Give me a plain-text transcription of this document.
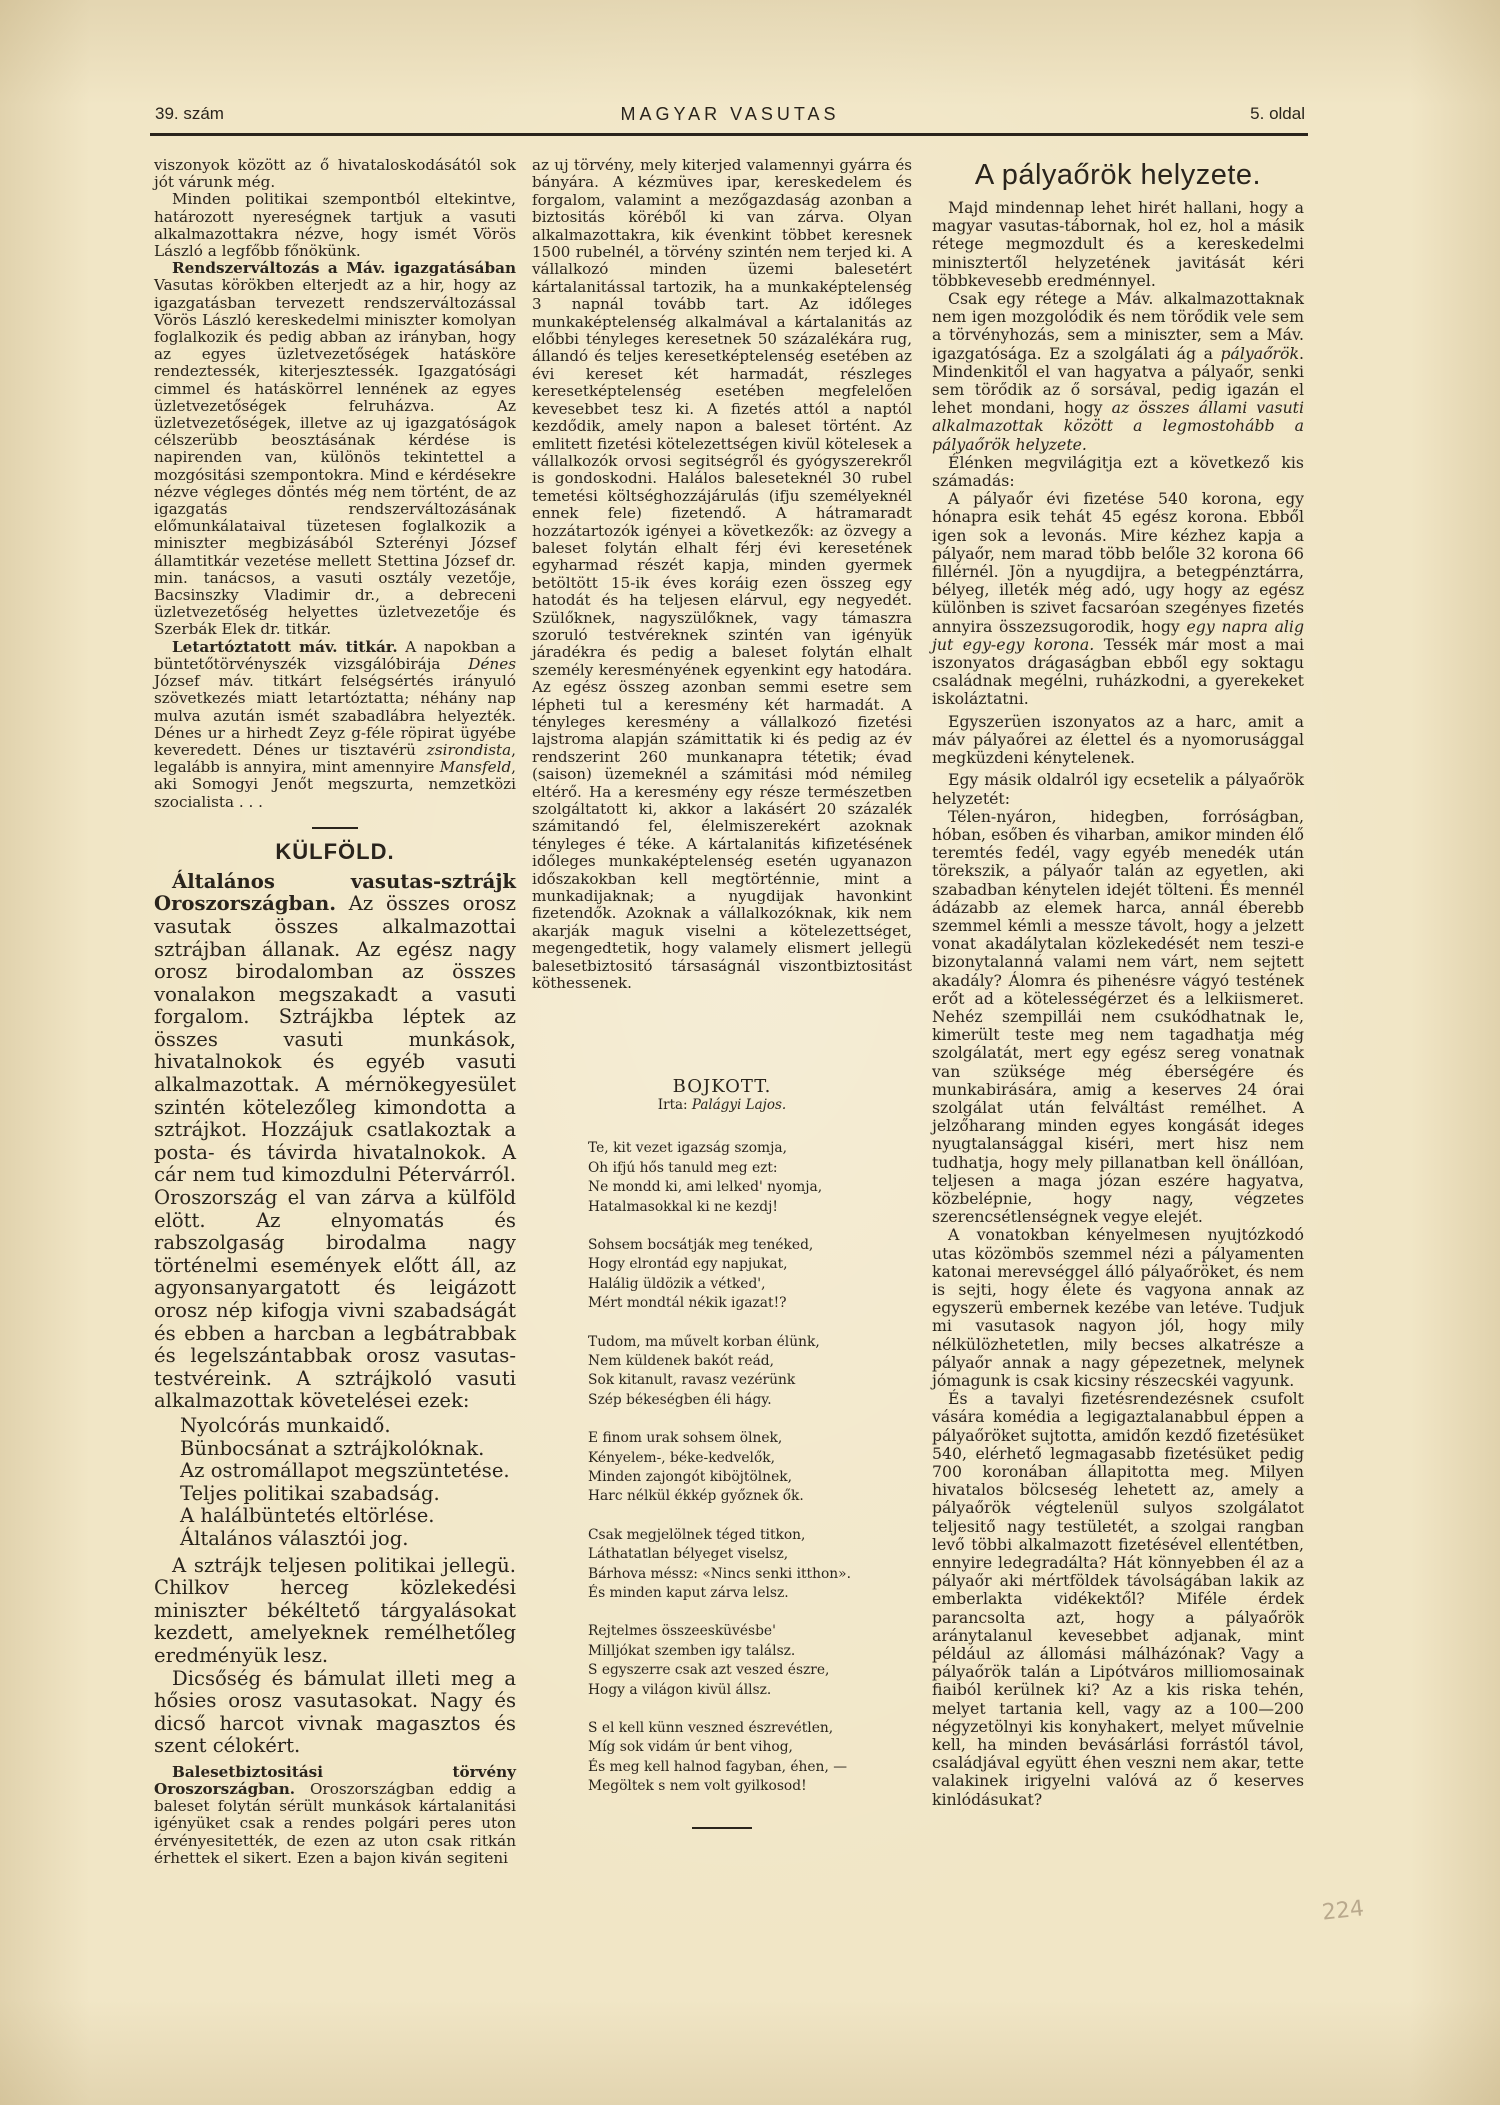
39. szám	MAGYAR VASUTAS	5. oldal

viszonyok között az ő hivataloskodásától sok jót várunk még.

Minden politikai szempontból eltekintve, határozott nyereségnek tartjuk a vasuti alkalmazottakra nézve, hogy ismét Vörös László a legfőbb főnökünk.

Rendszerváltozás a Máv. igazgatásában Vasutas körökben elterjedt az a hir, hogy az igazgatásban tervezett rendszerváltozással Vörös László kereskedelmi miniszter komolyan foglalkozik és pedig abban az irányban, hogy az egyes üzletvezetőségek hatásköre rendeztessék, kiterjesztessék. Igazgatósági cimmel és hatáskörrel lennének az egyes üzletvezetőségek felruházva. Az üzletvezetőségek, illetve az uj igazgatóságok célszerübb beosztásának kérdése is napirenden van, különös tekintettel a mozgósitási szempontokra. Mind e kérdésekre nézve végleges döntés még nem történt, de az igazgatás rendszerváltozásának előmunkálataival tüzetesen foglalkozik a miniszter megbizásából Szterényi József államtitkár vezetése mellett Stettina József dr. min. tanácsos, a vasuti osztály vezetője, Bacsinszky Vladimir dr., a debreceni üzletvezetőség helyettes üzletvezetője és Szerbák Elek dr. titkár.

Letartóztatott máv. titkár. A napokban a büntetőtörvényszék vizsgálóbirája Dénes József máv. titkárt felségsértés irányuló szövetkezés miatt letartóztatta; néhány nap mulva azután ismét szabadlábra helyezték. Dénes ur a hirhedt Zeyz g-féle röpirat ügyébe keveredett. Dénes ur tisztavérü zsirondista, legalább is annyira, mint amennyire Mansfeld, aki Somogyi Jenőt megszurta, nemzetközi szocialista . . .

KÜLFÖLD.

Általános vasutas-sztrájk Oroszországban. Az összes orosz vasutak összes alkalmazottai sztrájban állanak. Az egész nagy orosz birodalomban az összes vonalakon megszakadt a vasuti forgalom. Sztrájkba léptek az összes vasuti munkások, hivatalnokok és egyéb vasuti alkalmazottak. A mérnökegyesület szintén kötelezőleg kimondotta a sztrájkot. Hozzájuk csatlakoztak a posta- és távirda hivatalnokok. A cár nem tud kimozdulni Pétervárról. Oroszország el van zárva a külföld elött. Az elnyomatás és rabszolgaság birodalma nagy történelmi események előtt áll, az agyonsanyargatott és leigázott orosz nép kifogja vivni szabadságát és ebben a harcban a legbátrabbak és legelszántabbak orosz vasutas-testvéreink. A sztrájkoló vasuti alkalmazottak követelései ezek:

Nyolcórás munkaidő.
Bünbocsánat a sztrájkolóknak.
Az ostromállapot megszüntetése.
Teljes politikai szabadság.
A halálbüntetés eltörlése.
Általános választói jog.

A sztrájk teljesen politikai jellegü. Chilkov herceg közlekedési miniszter békéltető tárgyalásokat kezdett, amelyeknek remélhetőleg eredményük lesz.

Dicsőség és bámulat illeti meg a hősies orosz vasutasokat. Nagy és dicső harcot vivnak magasztos és szent célokért.

Balesetbiztositási törvény Oroszországban. Oroszországban eddig a baleset folytán sérült munkások kártalanitási igényüket csak a rendes polgári peres uton érvényesitették, de ezen az uton csak ritkán érhettek el sikert. Ezen a bajon kiván segiteni

az uj törvény, mely kiterjed valamennyi gyárra és bányára. A kézmüves ipar, kereskedelem és forgalom, valamint a mezőgazdaság azonban a biztositás köréből ki van zárva. Olyan alkalmazottakra, kik évenkint többet keresnek 1500 rubelnél, a törvény szintén nem terjed ki. A vállalkozó minden üzemi balesetért kártalanitással tartozik, ha a munkaképtelenség 3 napnál tovább tart. Az időleges munkaképtelenség alkalmával a kártalanitás az előbbi tényleges keresetnek 50 százalékára rug, állandó és teljes keresetképtelenség esetében az évi kereset két harmadát, részleges keresetképtelenség esetében megfelelően kevesebbet tesz ki. A fizetés attól a naptól kezdődik, amely napon a baleset történt. Az emlitett fizetési kötelezettségen kivül kötelesek a vállalkozók orvosi segitségről és gyógyszerekről is gondoskodni. Halálos baleseteknél 30 rubel temetési költséghozzájárulás (ifju személyeknél ennek fele) fizetendő. A hátramaradt hozzátartozók igényei a következők: az özvegy a baleset folytán elhalt férj évi keresetének egyharmad részét kapja, minden gyermek betöltött 15-ik éves koráig ezen összeg egy hatodát és ha teljesen elárvul, egy negyedét. Szülőknek, nagyszülőknek, vagy támaszra szoruló testvéreknek szintén van igényük járadékra és pedig a baleset folytán elhalt személy keresményének egyenkint egy hatodára. Az egész összeg azonban semmi esetre sem lépheti tul a keresmény két harmadát. A tényleges keresmény a vállalkozó fizetési lajstroma alapján számittatik ki és pedig az év rendszerint 260 munkanapra tétetik; évad (saison) üzemeknél a számitási mód némileg eltérő. Ha a keresmény egy része természetben szolgáltatott ki, akkor a lakásért 20 százalék számitandó fel, élelmiszerekért azoknak tényleges é téke. A kártalanitás kifizetésének időleges munkaképtelenség esetén ugyanazon időszakokban kell megtörténnie, mint a munkadijaknak; a nyugdijak havonkint fizetendők. Azoknak a vállalkozóknak, kik nem akarják maguk viselni a kötelezettséget, megengedtetik, hogy valamely elismert jellegü balesetbiztositó társaságnál viszontbiztositást köthessenek.

BOJKOTT.
Irta: Palágyi Lajos.
Te, kit vezet igazság szomja,
Oh ifjú hős tanuld meg ezt:
Ne mondd ki, ami lelked' nyomja,
Hatalmasokkal ki ne kezdj!
Sohsem bocsátják meg tenéked,
Hogy elrontád egy napjukat,
Halálig üldözik a vétked',
Mért mondtál nékik igazat!?
Tudom, ma művelt korban élünk,
Nem küldenek bakót reád,
Sok kitanult, ravasz vezérünk
Szép békeségben éli hágy.
E finom urak sohsem ölnek,
Kényelem-, béke-kedvelők,
Minden zajongót kiböjtölnek,
Harc nélkül ékkép győznek ők.
Csak megjelölnek téged titkon,
Láthatatlan bélyeget viselsz,
Bárhova méssz: «Nincs senki itthon».
És minden kaput zárva lelsz.
Rejtelmes összeesküvésbe'
Milljókat szemben igy találsz.
S egyszerre csak azt veszed észre,
Hogy a világon kivül állsz.
S el kell künn veszned észrevétlen,
Míg sok vidám úr bent vihog,
És meg kell halnod fagyban, éhen, —
Megöltek s nem volt gyilkosod!
A pályaőrök helyzete.

Majd mindennap lehet hirét hallani, hogy a magyar vasutas-tábornak, hol ez, hol a másik rétege megmozdult és a kereskedelmi minisztertől helyzetének javitását kéri többkevesebb eredménnyel.

Csak egy rétege a Máv. alkalmazottaknak nem igen mozgolódik és nem törődik vele sem a törvényhozás, sem a miniszter, sem a Máv. igazgatósága. Ez a szolgálati ág a pályaőrök. Mindenkitől el van hagyatva a pályaőr, senki sem törődik az ő sorsával, pedig igazán el lehet mondani, hogy az összes állami vasuti alkalmazottak között a legmostohább a pályaőrök helyzete.

Élénken megvilágitja ezt a következő kis számadás:

A pályaőr évi fizetése 540 korona, egy hónapra esik tehát 45 egész korona. Ebből igen sok a levonás. Mire kézhez kapja a pályaőr, nem marad több belőle 32 korona 66 fillérnél. Jön a nyugdijra, a betegpénztárra, bélyeg, illeték még adó, ugy hogy az egész különben is szivet facsaróan szegényes fizetés annyira összezsugorodik, hogy egy napra alig jut egy-egy korona. Tessék már most a mai iszonyatos drágaságban ebből egy soktagu családnak megélni, ruházkodni, a gyerekeket iskoláztatni.

Egyszerüen iszonyatos az a harc, amit a máv pályaőrei az élettel és a nyomorusággal megküzdeni kénytelenek.

Egy másik oldalról igy ecsetelik a pályaőrök helyzetét:

Télen-nyáron, hidegben, forróságban, hóban, esőben és viharban, amikor minden élő teremtés fedél, vagy egyéb menedék után törekszik, a pályaőr talán az egyetlen, aki szabadban kénytelen idejét tölteni. És mennél ádázabb az elemek harca, annál éberebb szemmel kémli a messze távolt, hogy a jelzett vonat akadálytalan közlekedését nem teszi-e bizonytalanná valami nem várt, nem sejtett akadály? Álomra és pihenésre vágyó testének erőt ad a kötelességérzet és a lelkiismeret. Nehéz szempillái nem csukódhatnak le, kimerült teste meg nem tagadhatja még szolgálatát, mert egy egész sereg vonatnak van szüksége még éberségére és munkabirására, amig a keserves 24 órai szolgálat után felváltást remélhet. A jelzőharang minden egyes kongását ideges nyugtalansággal kiséri, mert hisz nem tudhatja, hogy mely pillanatban kell önállóan, teljesen a maga józan eszére hagyatva, közbelépnie, hogy nagy, végzetes szerencsétlenségnek vegye elejét.

A vonatokban kényelmesen nyujtózkodó utas közömbös szemmel nézi a pályamenten katonai merevséggel álló pályaőröket, és nem is sejti, hogy élete és vagyona annak az egyszerü embernek kezébe van letéve. Tudjuk mi vasutasok nagyon jól, hogy mily nélkülözhetetlen, mily becses alkatrésze a pályaőr annak a nagy gépezetnek, melynek jómagunk is csak kicsiny részecskéi vagyunk.

És a tavalyi fizetésrendezésnek csufolt vására komédia a legigaztalanabbul éppen a pályaőröket sujtotta, amidőn kezdő fizetésüket 540, elérhető legmagasabb fizetésüket pedig 700 koronában állapitotta meg. Milyen hivatalos bölcseség lehetett az, amely a pályaőrök végtelenül sulyos szolgálatot teljesitő nagy testületét, a szolgai rangban levő többi alkalmazott fizetésével ellentétben, ennyire ledegradálta? Hát könnyebben él az a pályaőr aki mértföldek távolságában lakik az emberlakta vidékektől? Miféle érdek parancsolta azt, hogy a pályaőrök aránytalanul kevesebbet adjanak, mint például az állomási málházónak? Vagy a pályaőrök talán a Lipótváros milliomosainak fiaiból kerülnek ki? Az a kis riska tehén, melyet tartania kell, vagy az a 100—200 négyzetölnyi kis konyhakert, melyet művelnie kell, ha minden bevásárlási forrástól távol, családjával együtt éhen veszni nem akar, tette valakinek irigyelni valóvá az ő keserves kinlódásukat?

224
